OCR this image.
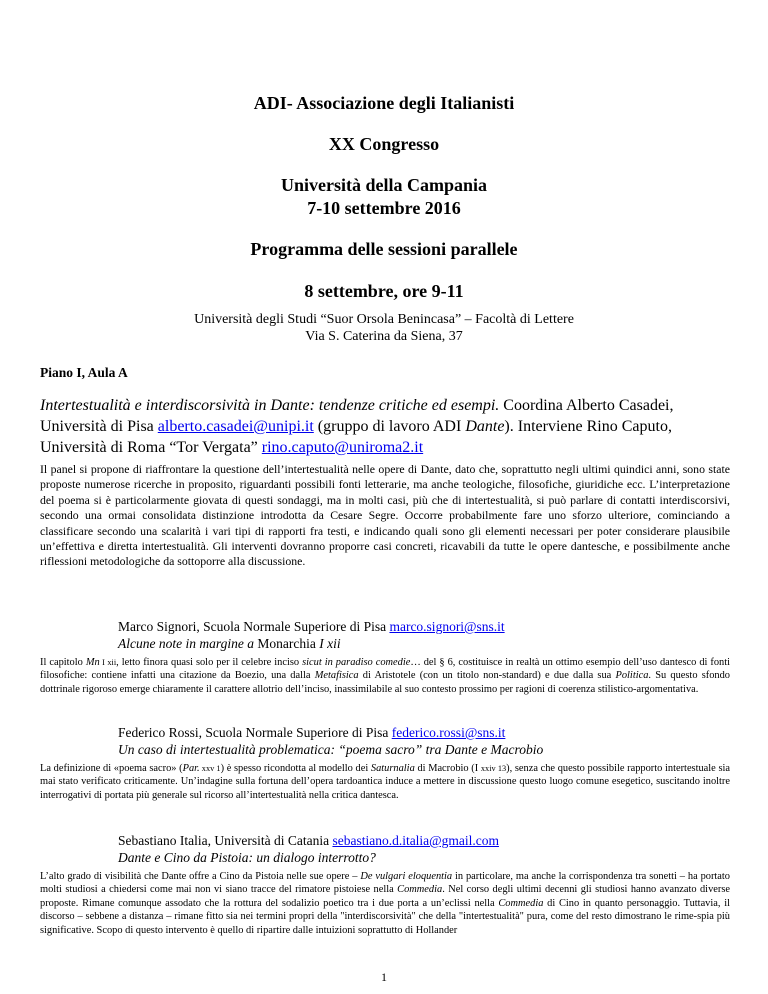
ADI- Associazione degli Italianisti
XX Congresso
Università della Campania
7-10 settembre 2016
Programma delle sessioni parallele
8 settembre, ore 9-11
Università degli Studi “Suor Orsola Benincasa” – Facoltà di Lettere
Via S. Caterina da Siena, 37
Piano I, Aula A
Intertestualità e interdiscorsività in Dante: tendenze critiche ed esempi. Coordina Alberto Casadei, Università di Pisa alberto.casadei@unipi.it (gruppo di lavoro ADI Dante). Interviene Rino Caputo, Università di Roma “Tor Vergata” rino.caputo@uniroma2.it
Il panel si propone di riaffrontare la questione dell’intertestualità nelle opere di Dante, dato che, soprattutto negli ultimi quindici anni, sono state proposte numerose ricerche in proposito, riguardanti possibili fonti letterarie, ma anche teologiche, filosofiche, giuridiche ecc. L’interpretazione del poema si è particolarmente giovata di questi sondaggi, ma in molti casi, più che di intertestualità, si può parlare di contatti interdiscorsivi, secondo una ormai consolidata distinzione introdotta da Cesare Segre. Occorre probabilmente fare uno sforzo ulteriore, cominciando a classificare secondo una scalarità i vari tipi di rapporti fra testi, e indicando quali sono gli elementi necessari per poter considerare plausibile un’effettiva e diretta intertestualità. Gli interventi dovranno proporre casi concreti, ricavabili da tutte le opere dantesche, e possibilmente anche riflessioni metodologiche da sottoporre alla discussione.
Marco Signori, Scuola Normale Superiore di Pisa marco.signori@sns.it
Alcune note in margine a Monarchia I xii
Il capitolo Mn I xii, letto finora quasi solo per il celebre inciso sicut in paradiso comedie… del § 6, costituisce in realtà un ottimo esempio dell’uso dantesco di fonti filosofiche: contiene infatti una citazione da Boezio, una dalla Metafisica di Aristotele (con un titolo non-standard) e due dalla sua Politica. Su questo sfondo dottrinale rigoroso emerge chiaramente il carattere allotrio dell’inciso, inassimilabile al suo contesto prossimo per ragioni di coerenza stilistico-argomentativa.
Federico Rossi, Scuola Normale Superiore di Pisa federico.rossi@sns.it
Un caso di intertestualità problematica: “poema sacro” tra Dante e Macrobio
La definizione di «poema sacro» (Par. xxv 1) è spesso ricondotta al modello dei Saturnalia di Macrobio (I xxiv 13), senza che questo possibile rapporto intertestuale sia mai stato verificato criticamente. Un’indagine sulla fortuna dell’opera tardoantica induce a mettere in discussione questo luogo comune esegetico, suscitando inoltre interrogativi di portata più generale sul ricorso all’intertestualità nella critica dantesca.
Sebastiano Italia, Università di Catania sebastiano.d.italia@gmail.com
Dante e Cino da Pistoia: un dialogo interrotto?
L’alto grado di visibilità che Dante offre a Cino da Pistoia nelle sue opere – De vulgari eloquentia in particolare, ma anche la corrispondenza tra sonetti – ha portato molti studiosi a chiedersi come mai non vi siano tracce del rimatore pistoiese nella Commedia. Nel corso degli ultimi decenni gli studiosi hanno avanzato diverse proposte. Rimane comunque assodato che la rottura del sodalizio poetico tra i due porta a un’eclissi nella Commedia di Cino in quanto personaggio. Tuttavia, il discorso – sebbene a distanza – rimane fitto sia nei termini propri della "interdiscorsività" che della "intertestualità" pura, come del resto dimostrano le rime-spia più significative. Scopo di questo intervento è quello di ripartire dalle intuizioni soprattutto di Hollander
1
